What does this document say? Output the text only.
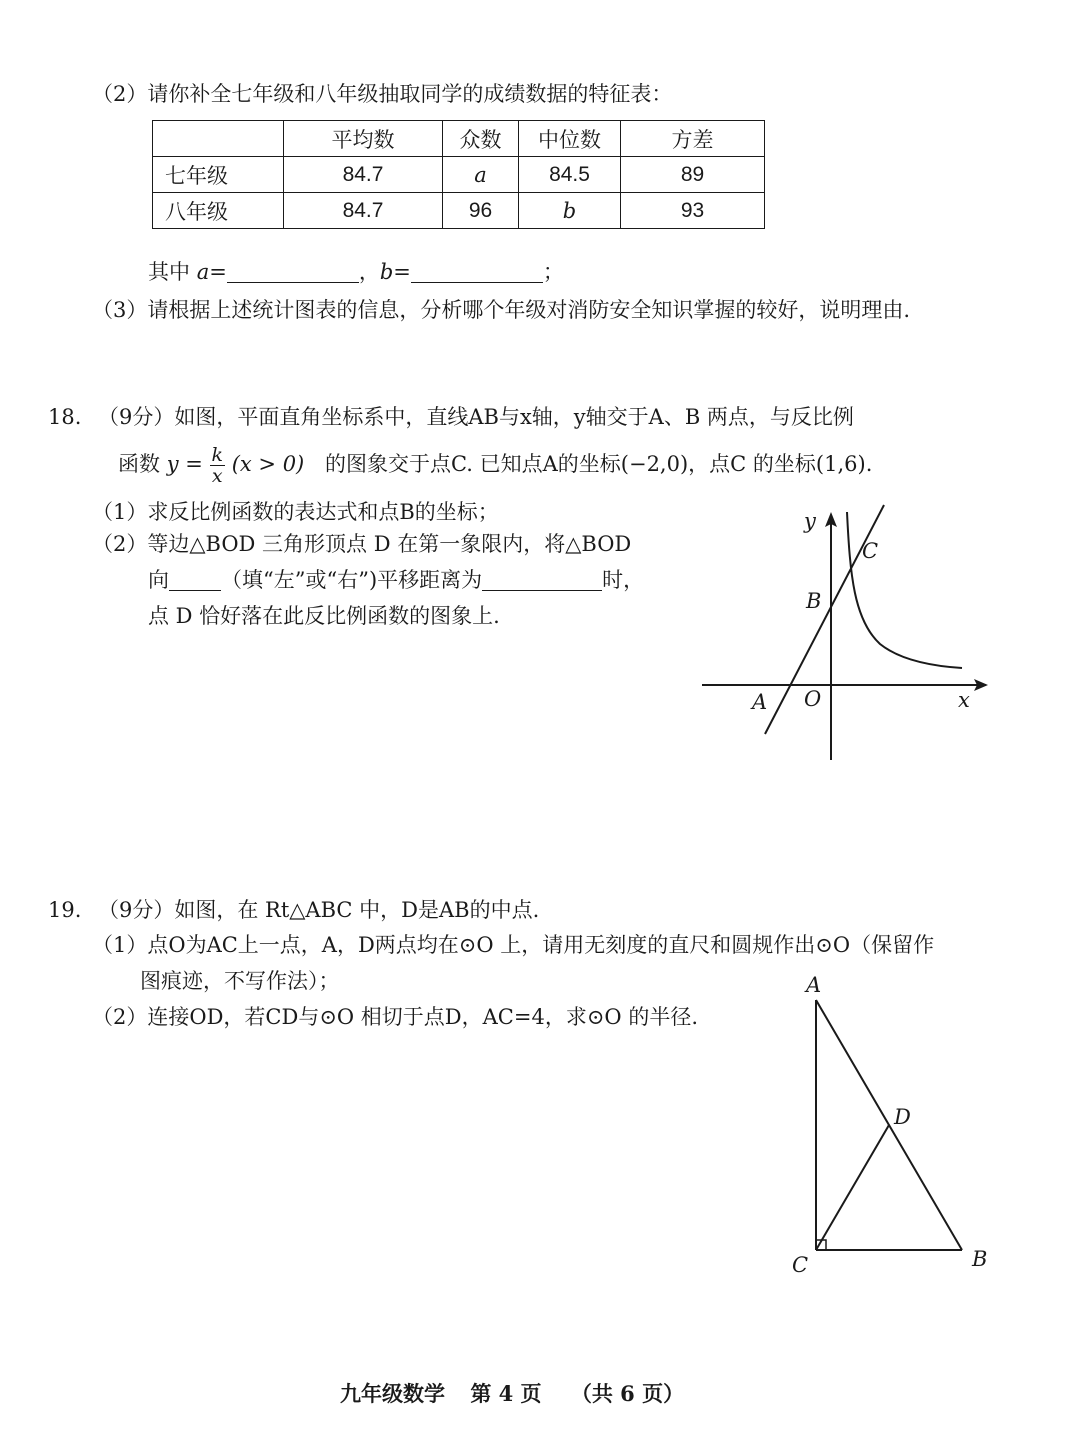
（2）请你补全七年级和八年级抽取同学的成绩数据的特征表：
	平均数	众数	中位数	方差
七年级	84.7	a	84.5	89
八年级	84.7	96	b	93
其中 a=	，b=	；
（3）请根据上述统计图表的信息，分析哪个年级对消防安全知识掌握的较好，说明理由.
18. （9分）如图，平面直角坐标系中，直线AB与x轴，y轴交于A、B 两点，与反比例
函数 $y = \frac{k}{x} (x > 0)$ 的图象交于点C. 已知点A的坐标(−2,0)，点C 的坐标(1,6).
（1）求反比例函数的表达式和点B的坐标；
（2）等边△BOD 三角形顶点 D 在第一象限内，将△BOD
向 （填“左”或“右”)平移距离为	时，
点 D 恰好落在此反比例函数的图象上.
y
C
B
A O	x
19. （9分）如图，在 Rt△ABC 中，D是AB的中点.
（1）点O为AC上一点，A，D两点均在⊙O 上，请用无刻度的直尺和圆规作出⊙O（保留作
图痕迹，不写作法）；
（2）连接OD，若CD与⊙O 相切于点D，AC=4，求⊙O 的半径.
A
D
C	B
九年级数学 第 4 页 （共 6 页）
